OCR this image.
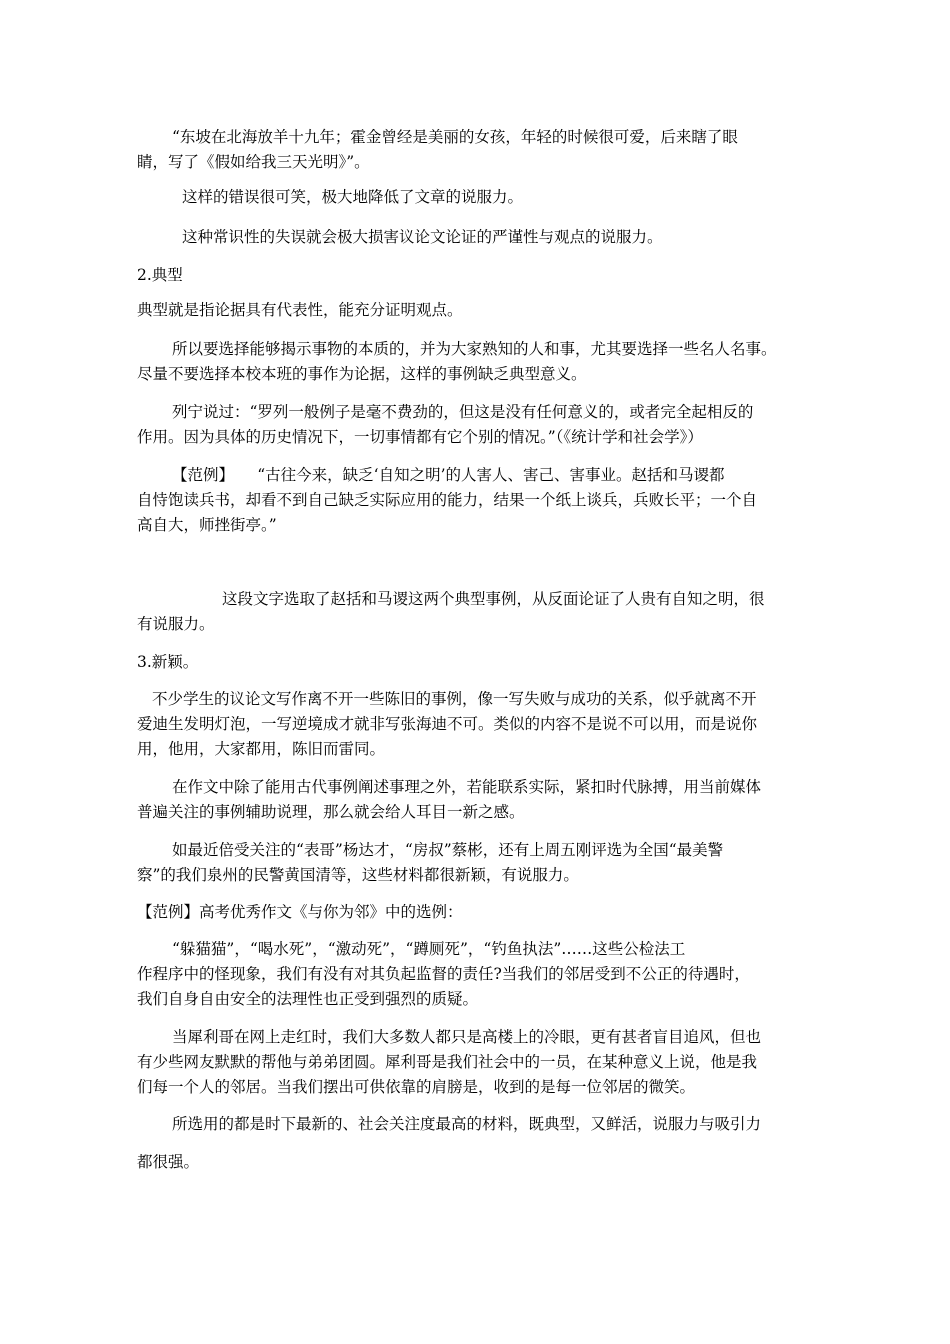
“东坡在北海放羊十九年；霍金曾经是美丽的女孩，年轻的时候很可爱，后来瞎了眼
睛，写了《假如给我三天光明》”。
这样的错误很可笑，极大地降低了文章的说服力。
这种常识性的失误就会极大损害议论文论证的严谨性与观点的说服力。
2.典型
典型就是指论据具有代表性，能充分证明观点。
所以要选择能够揭示事物的本质的，并为大家熟知的人和事，尤其要选择一些名人名事。
尽量不要选择本校本班的事作为论据，这样的事例缺乏典型意义。
列宁说过：“罗列一般例子是毫不费劲的，但这是没有任何意义的，或者完全起相反的
作用。因为具体的历史情况下，一切事情都有它个别的情况。”（《统计学和社会学》）
【范例】　　“古往今来，缺乏‘自知之明’的人害人、害己、害事业。赵括和马谡都
自恃饱读兵书，却看不到自己缺乏实际应用的能力，结果一个纸上谈兵，兵败长平；一个自
高自大，师挫街亭。”
这段文字选取了赵括和马谡这两个典型事例，从反面论证了人贵有自知之明，很
有说服力。
3.新颖。
不少学生的议论文写作离不开一些陈旧的事例，像一写失败与成功的关系，似乎就离不开
爱迪生发明灯泡，一写逆境成才就非写张海迪不可。类似的内容不是说不可以用，而是说你
用，他用，大家都用，陈旧而雷同。
在作文中除了能用古代事例阐述事理之外，若能联系实际，紧扣时代脉搏，用当前媒体
普遍关注的事例辅助说理，那么就会给人耳目一新之感。
如最近倍受关注的“表哥”杨达才，“房叔”蔡彬，还有上周五刚评选为全国“最美警
察”的我们泉州的民警黄国清等，这些材料都很新颖，有说服力。
【范例】高考优秀作文《与你为邻》中的选例：
“躲猫猫”，“喝水死”，“激动死”，“蹲厕死”，“钓鱼执法”……这些公检法工
作程序中的怪现象，我们有没有对其负起监督的责任?当我们的邻居受到不公正的待遇时，
我们自身自由安全的法理性也正受到强烈的质疑。
当犀利哥在网上走红时，我们大多数人都只是高楼上的冷眼，更有甚者盲目追风，但也
有少些网友默默的帮他与弟弟团圆。犀利哥是我们社会中的一员，在某种意义上说，他是我
们每一个人的邻居。当我们摆出可供依靠的肩膀是，收到的是每一位邻居的微笑。
所选用的都是时下最新的、社会关注度最高的材料，既典型，又鲜活，说服力与吸引力
都很强。
